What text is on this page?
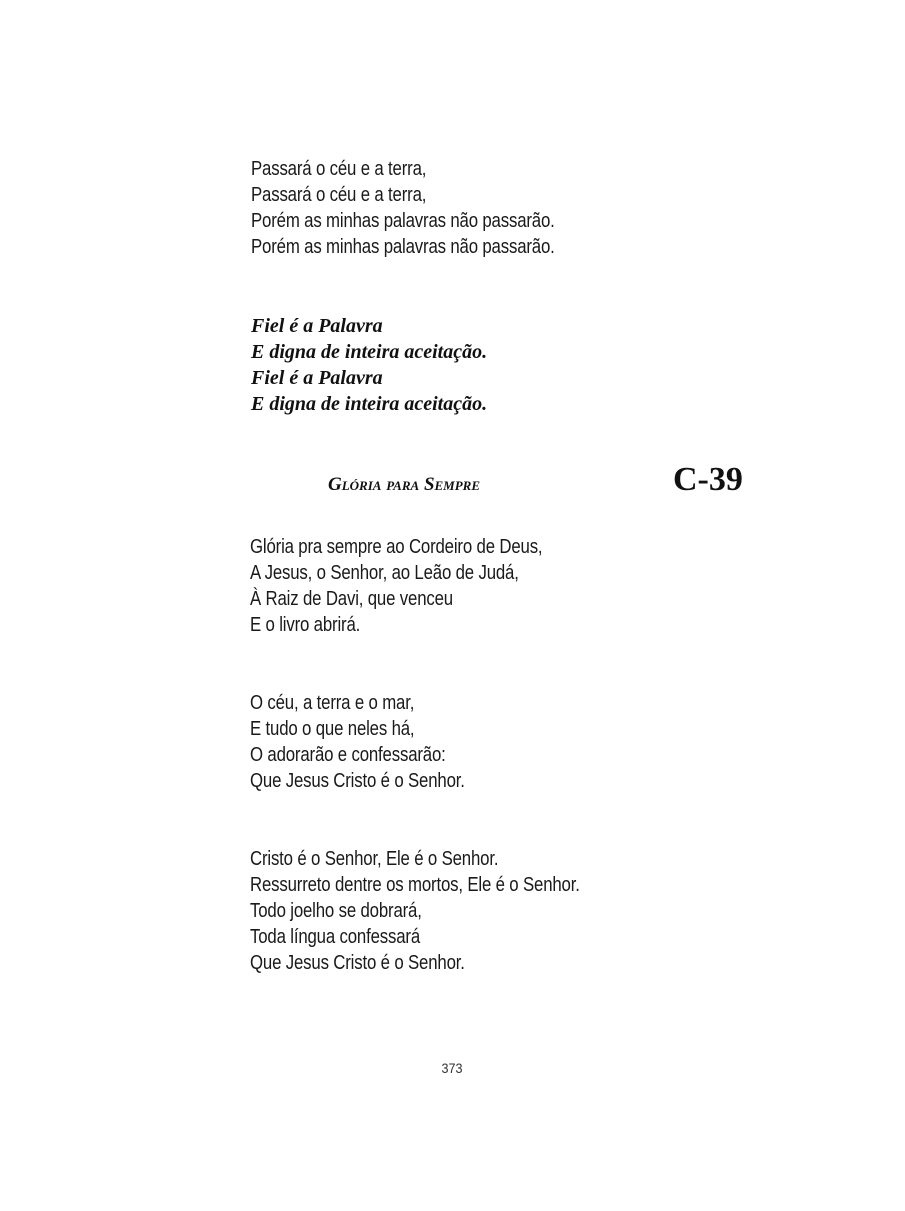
Passará o céu e a terra,
Passará o céu e a terra,
Porém as minhas palavras não passarão.
Porém as minhas palavras não passarão.
Fiel é a Palavra
E digna de inteira aceitação.
Fiel é a Palavra
E digna de inteira aceitação.
Glória para Sempre	C-39
Glória pra sempre ao Cordeiro de Deus,
A Jesus, o Senhor, ao Leão de Judá,
À Raiz de Davi, que venceu
E o livro abrirá.
O céu, a terra e o mar,
E tudo o que neles há,
O adorarão e confessarão:
Que Jesus Cristo é o Senhor.
Cristo é o Senhor, Ele é o Senhor.
Ressurreto dentre os mortos, Ele é o Senhor.
Todo joelho se dobrará,
Toda língua confessará
Que Jesus Cristo é o Senhor.
373
